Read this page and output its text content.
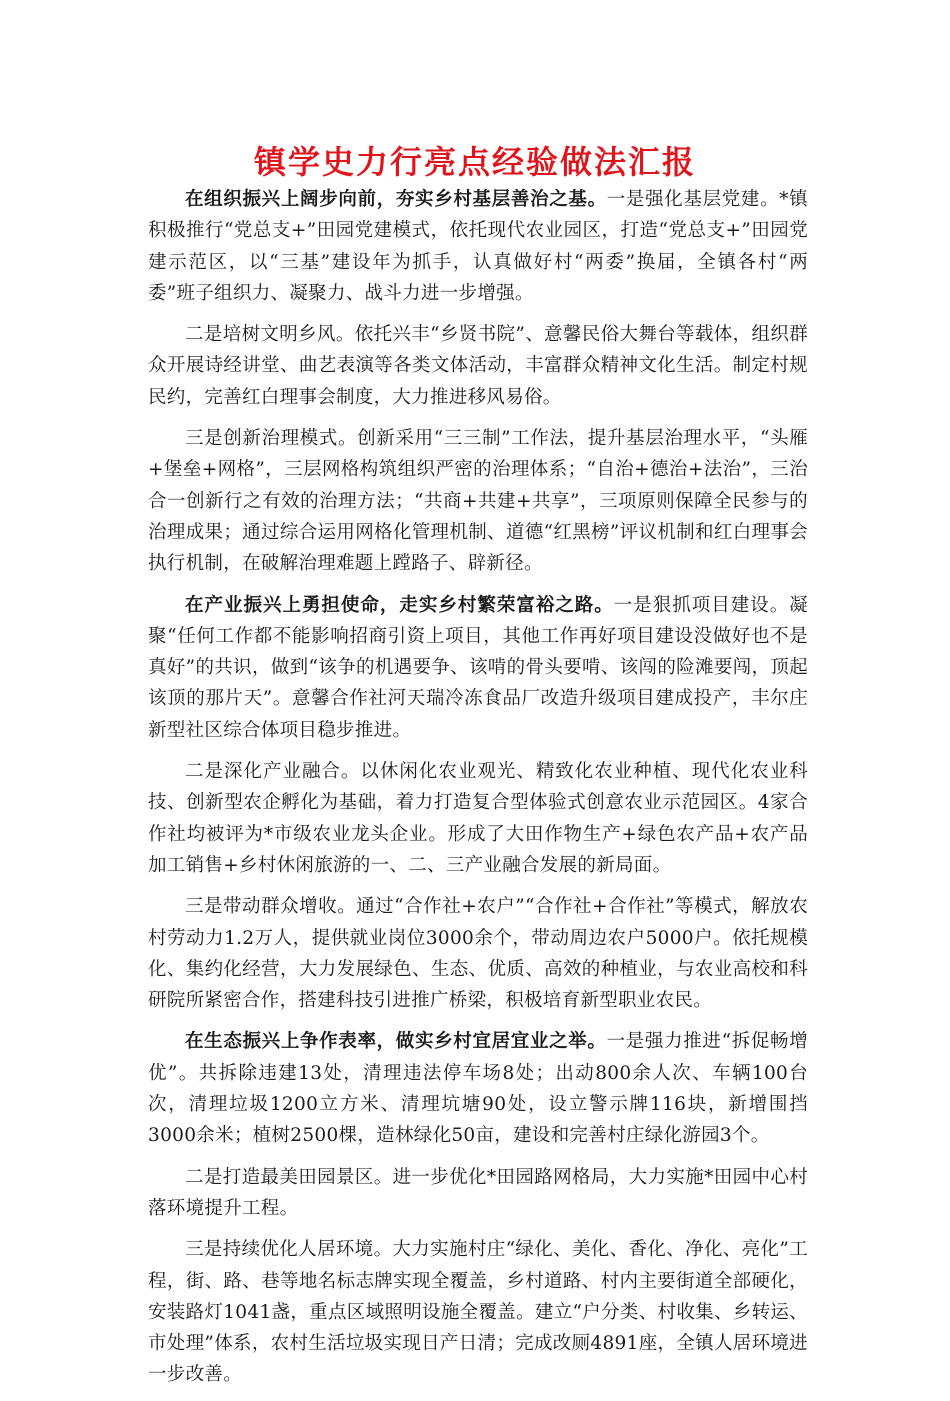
镇学史力行亮点经验做法汇报

在组织振兴上阔步向前，夯实乡村基层善治之基。一是强化基层党建。*镇积极推行“党总支+”田园党建模式，依托现代农业园区，打造“党总支+”田园党建示范区，以“三基”建设年为抓手，认真做好村“两委”换届，全镇各村“两委”班子组织力、凝聚力、战斗力进一步增强。

二是培树文明乡风。依托兴丰“乡贤书院”、意馨民俗大舞台等载体，组织群众开展诗经讲堂、曲艺表演等各类文体活动，丰富群众精神文化生活。制定村规民约，完善红白理事会制度，大力推进移风易俗。

三是创新治理模式。创新采用“三三制”工作法，提升基层治理水平，“头雁+堡垒+网格”，三层网格构筑组织严密的治理体系；“自治+德治+法治”，三治合一创新行之有效的治理方法；“共商+共建+共享”，三项原则保障全民参与的治理成果；通过综合运用网格化管理机制、道德“红黑榜”评议机制和红白理事会执行机制，在破解治理难题上蹚路子、辟新径。

在产业振兴上勇担使命，走实乡村繁荣富裕之路。一是狠抓项目建设。凝聚“任何工作都不能影响招商引资上项目，其他工作再好项目建设没做好也不是真好”的共识，做到“该争的机遇要争、该啃的骨头要啃、该闯的险滩要闯，顶起该顶的那片天”。意馨合作社河天瑞冷冻食品厂改造升级项目建成投产，丰尔庄新型社区综合体项目稳步推进。

二是深化产业融合。以休闲化农业观光、精致化农业种植、现代化农业科技、创新型农企孵化为基础，着力打造复合型体验式创意农业示范园区。4家合作社均被评为*市级农业龙头企业。形成了大田作物生产+绿色农产品+农产品加工销售+乡村休闲旅游的一、二、三产业融合发展的新局面。

三是带动群众增收。通过“合作社+农户”“合作社+合作社”等模式，解放农村劳动力1.2万人，提供就业岗位3000余个，带动周边农户5000户。依托规模化、集约化经营，大力发展绿色、生态、优质、高效的种植业，与农业高校和科研院所紧密合作，搭建科技引进推广桥梁，积极培育新型职业农民。

在生态振兴上争作表率，做实乡村宜居宜业之举。一是强力推进“拆促畅增优”。共拆除违建13处，清理违法停车场8处；出动800余人次、车辆100台次，清理垃圾1200立方米、清理坑塘90处，设立警示牌116块，新增围挡3000余米；植树2500棵，造林绿化50亩，建设和完善村庄绿化游园3个。

二是打造最美田园景区。进一步优化*田园路网格局，大力实施*田园中心村落环境提升工程。

三是持续优化人居环境。大力实施村庄“绿化、美化、香化、净化、亮化”工程，街、路、巷等地名标志牌实现全覆盖，乡村道路、村内主要街道全部硬化，安装路灯1041盏，重点区域照明设施全覆盖。建立“户分类、村收集、乡转运、市处理”体系，农村生活垃圾实现日产日清；完成改厕4891座，全镇人居环境进一步改善。
